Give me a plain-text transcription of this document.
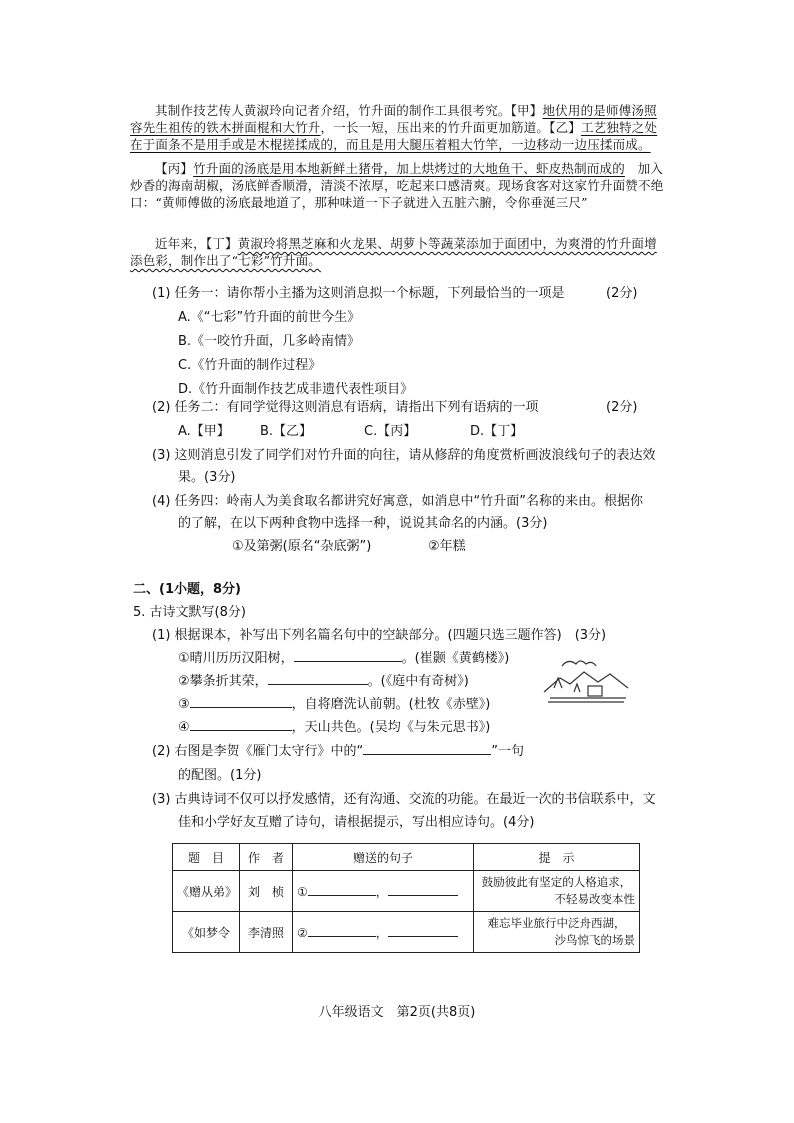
其制作技艺传人黄淑玲向记者介绍，竹升面的制作工具很考究。【甲】地伏用的是师傅汤照容先生祖传的铁木拼面棍和大竹升，一长一短，压出来的竹升面更加筋道。【乙】工艺独特之处在于面条不是用手或是木棍搓揉成的，而且是用大腿压着粗大竹竿，一边移动一边压揉而成。
【丙】竹升面的汤底是用本地新鲜土猪骨，加上烘烤过的大地鱼干、虾皮热制而成的　 加入炒香的海南胡椒，汤底鲜香顺滑，清淡不浓厚，吃起来口感清爽。现场食客对这家竹升面赞不绝口：“黄师傅做的汤底最地道了，那种味道一下子就进入五脏六腑，令你垂涎三尺”
近年来，【丁】黄淑玲将黑芝麻和火龙果、胡萝卜等蔬菜添加于面团中，为爽滑的竹升面增添色彩，制作出了“七彩”竹升面。
(1) 任务一：请你帮小主播为这则消息拟一个标题，下列最恰当的一项是	(2分)
A.《“七彩”竹升面的前世今生》
B.《一咬竹升面，几多岭南情》
C.《竹升面的制作过程》
D.《竹升面制作技艺成非遗代表性项目》
(2) 任务二：有同学觉得这则消息有语病，请指出下列有语病的一项	(2分)
A.【甲】 B.【乙】	C.【丙】	D.【丁】
(3) 这则消息引发了同学们对竹升面的向往，请从修辞的角度赏析画波浪线句子的表达效
果。(3分)
(4) 任务四：岭南人为美食取名都讲究好寓意，如消息中“竹升面”名称的来由。根据你
的了解，在以下两种食物中选择一种，说说其命名的内涵。(3分)
①及第粥(原名“杂底粥”)	②年糕
二、(1小题，8分)
5. 古诗文默写(8分)
(1) 根据课本，补写出下列名篇名句中的空缺部分。(四题只选三题作答)　(3分)
①晴川历历汉阳树，	。(崔颢《黄鹤楼》)
②攀条折其荣，	。(《庭中有奇树》)
③	，自将磨洗认前朝。(杜牧《赤壁》)
④	，天山共色。(吴均《与朱元思书》)
(2) 右图是李贺《雁门太守行》中的“	”一句
的配图。(1分)
(3) 古典诗词不仅可以抒发感情，还有沟通、交流的功能。在最近一次的书信联系中，文
佳和小学好友互赠了诗句，请根据提示，写出相应诗句。(4分)
题　目	作　者	赠送的句子	提　示
《赠从弟》	刘　桢	① ，	鼓励彼此有坚定的人格追求，
不轻易改变本性

《如梦令	李清照	② ，	难忘毕业旅行中泛舟西湖，
沙鸟惊飞的场景
八年级语文　第2页(共8页)
